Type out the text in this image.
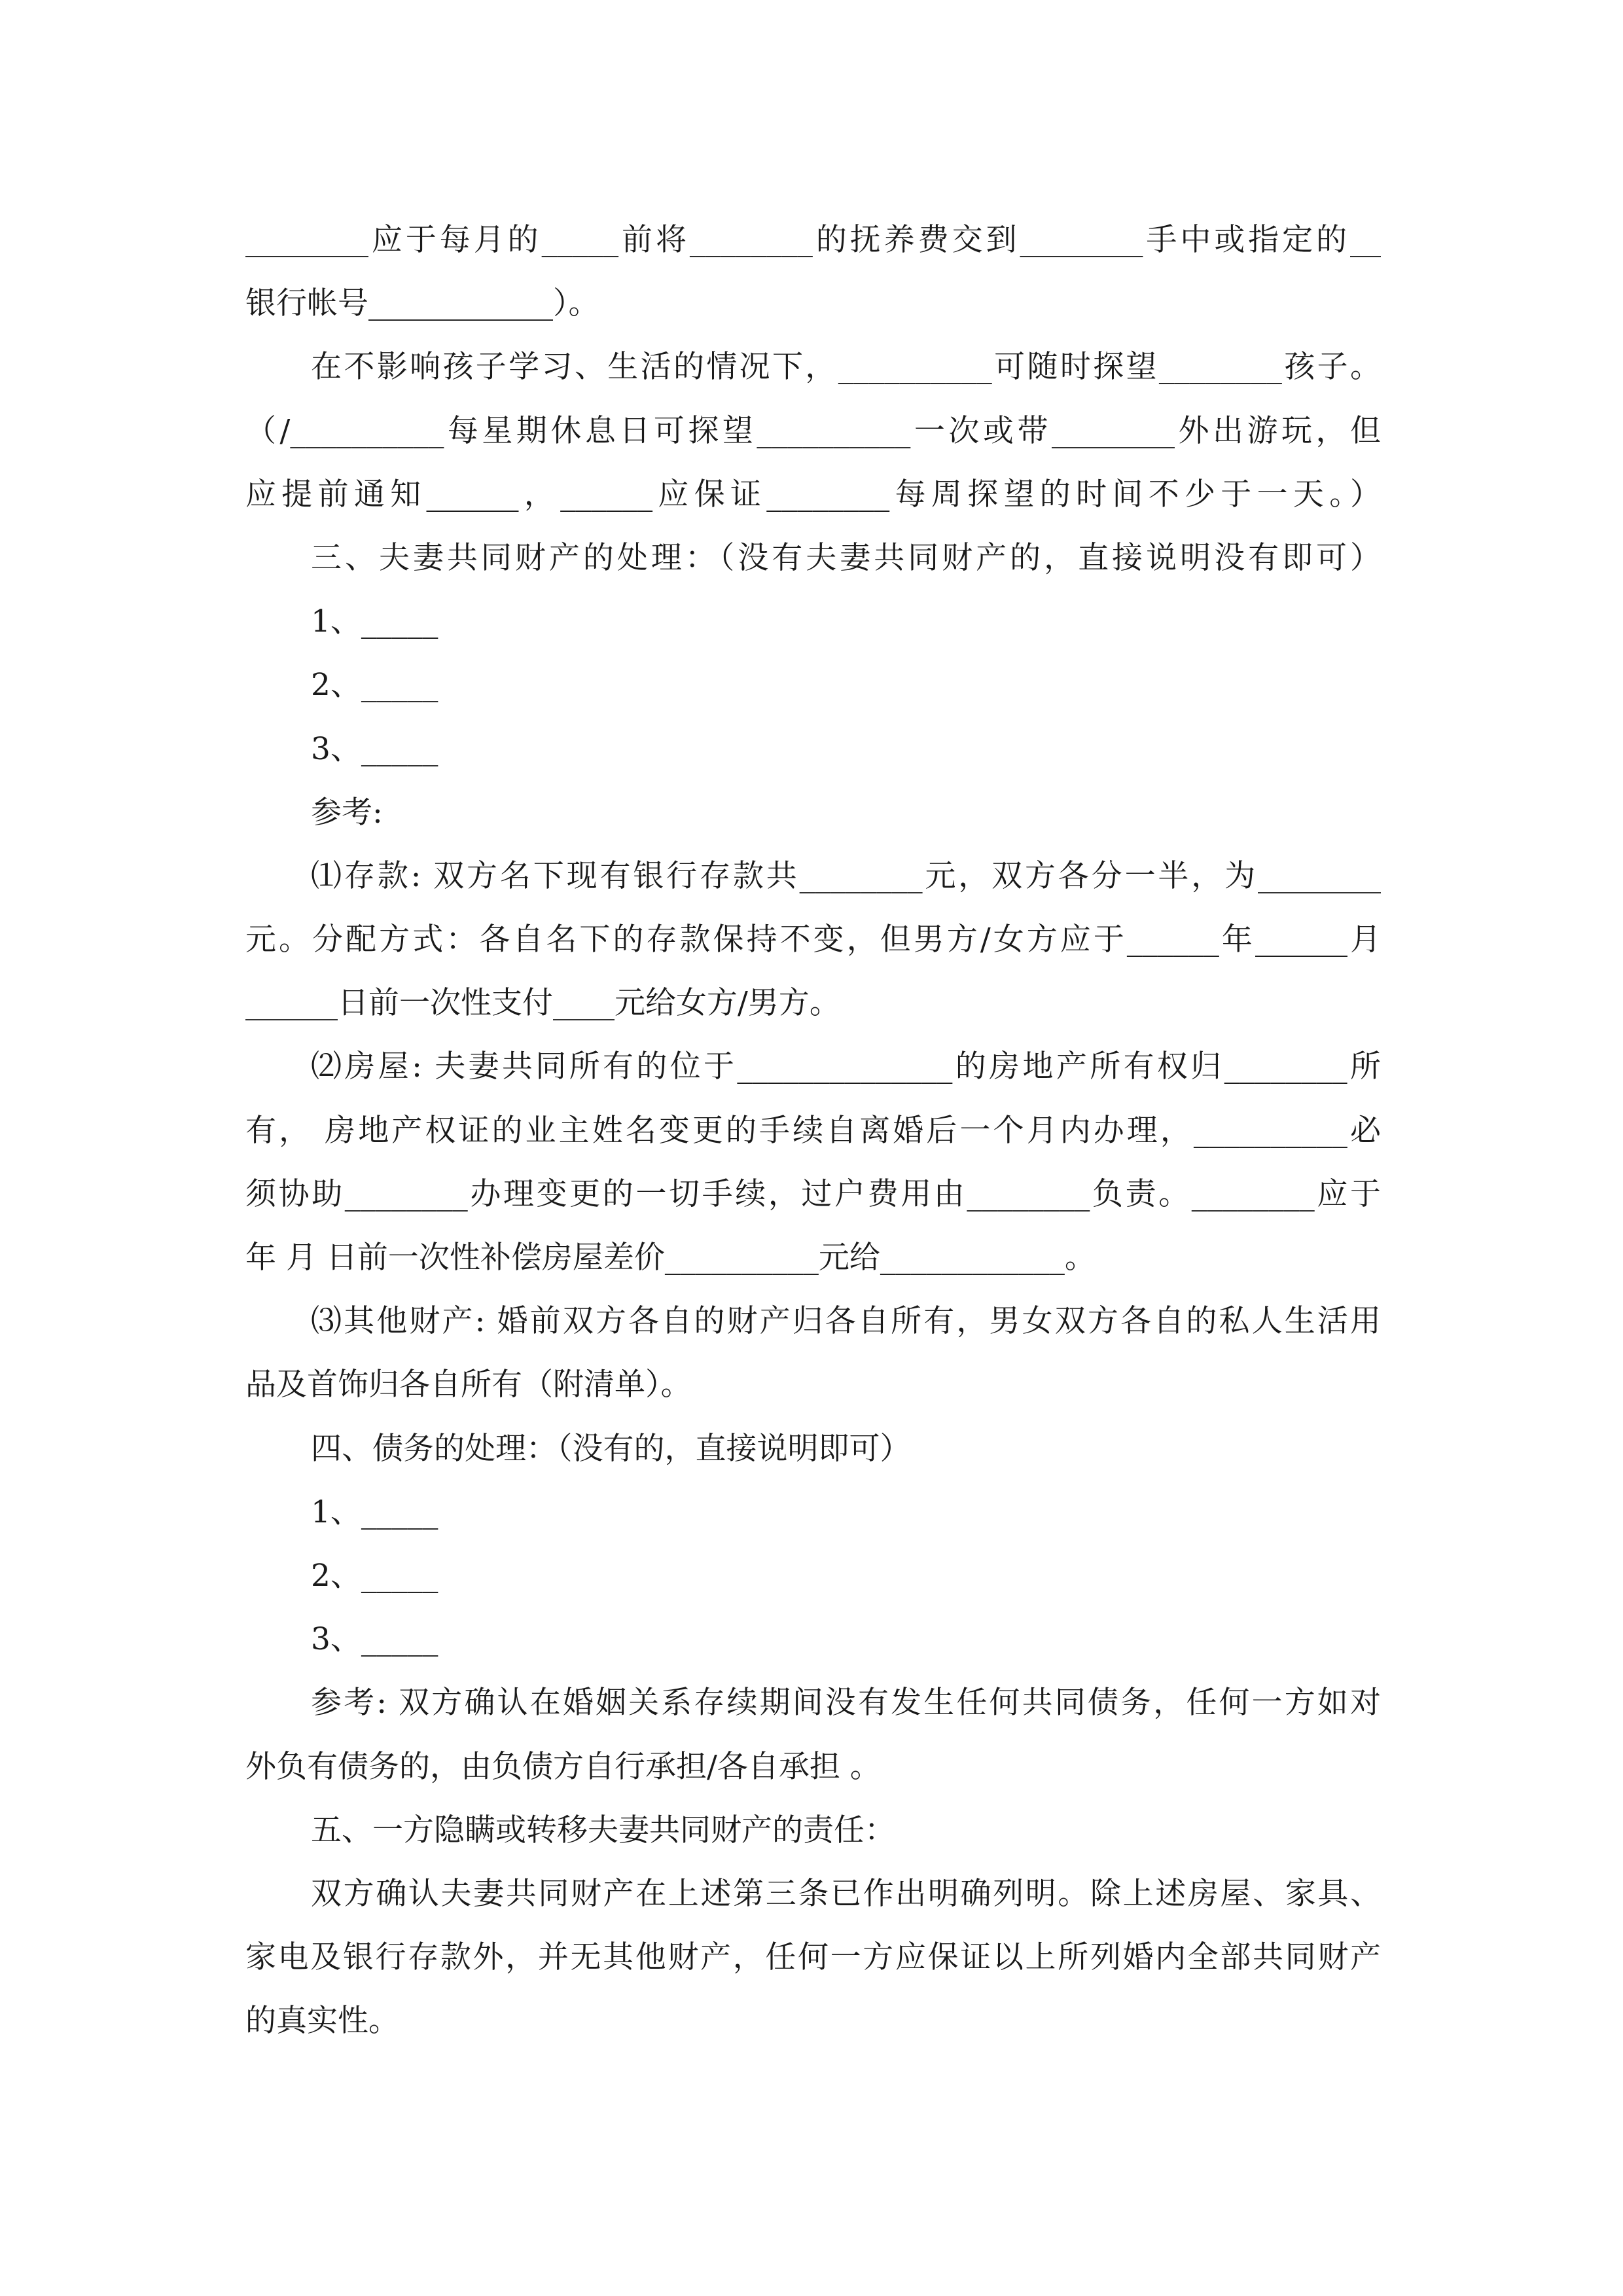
________应于每月的_____前将________的抚养费交到________手中或指定的__
银行帐号____________）。
在不影响孩子学习、生活的情况下，__________可随时探望________孩子。
（/__________每星期休息日可探望__________一次或带________外出游玩，但
应提前通知______，______应保证________每周探望的时间不少于一天。）
三、夫妻共同财产的处理：（没有夫妻共同财产的，直接说明没有即可）
1、_____
2、_____
3、_____
参考:
⑴存款: 双方名下现有银行存款共________元，双方各分一半，为________
元。分配方式：各自名下的存款保持不变，但男方/女方应于______年______月
______日前一次性支付____元给女方/男方。
⑵房屋: 夫妻共同所有的位于______________的房地产所有权归________所
有， 房地产权证的业主姓名变更的手续自离婚后一个月内办理，__________必
须协助________办理变更的一切手续，过户费用由________负责。________应于
年 月 日前一次性补偿房屋差价__________元给____________。
⑶其他财产: 婚前双方各自的财产归各自所有，男女双方各自的私人生活用
品及首饰归各自所有（附清单）。
四、债务的处理：（没有的，直接说明即可）
1、_____
2、_____
3、_____
参考: 双方确认在婚姻关系存续期间没有发生任何共同债务，任何一方如对
外负有债务的，由负债方自行承担/各自承担 。
五、一方隐瞒或转移夫妻共同财产的责任：
双方确认夫妻共同财产在上述第三条已作出明确列明。除上述房屋、家具、
家电及银行存款外，并无其他财产，任何一方应保证以上所列婚内全部共同财产
的真实性。
